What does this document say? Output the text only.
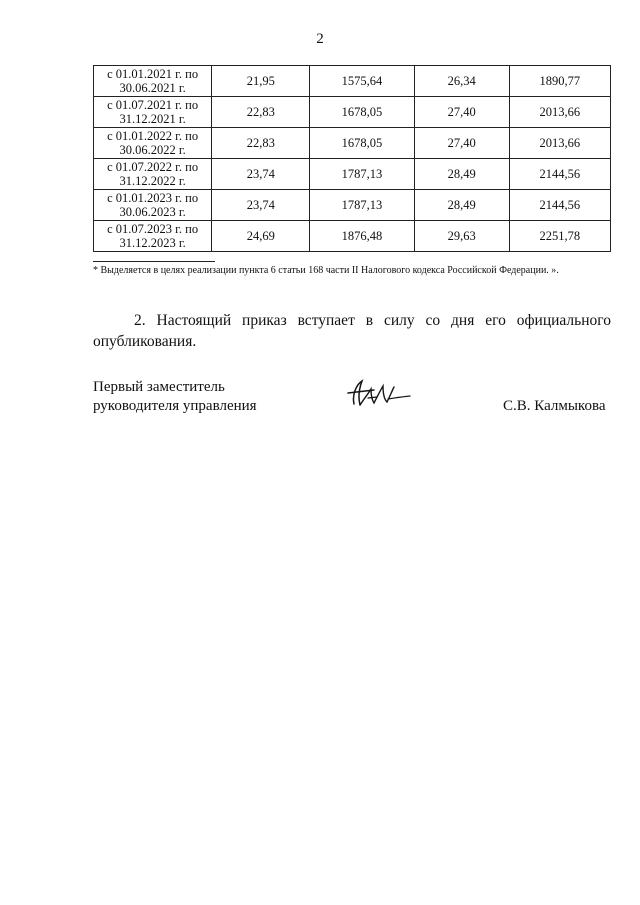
2
с 01.01.2021 г. по
30.06.2021 г.	21,95	1575,64	26,34	1890,77
с 01.07.2021 г. по
31.12.2021 г.	22,83	1678,05	27,40	2013,66
с 01.01.2022 г. по
30.06.2022 г.	22,83	1678,05	27,40	2013,66
с 01.07.2022 г. по
31.12.2022 г.	23,74	1787,13	28,49	2144,56
с 01.01.2023 г. по
30.06.2023 г.	23,74	1787,13	28,49	2144,56
с 01.07.2023 г. по
31.12.2023 г.	24,69	1876,48	29,63	2251,78
* Выделяется в целях реализации пункта 6 статьи 168 части II Налогового кодекса Российской Федерации. ».
2. Настоящий приказ вступает в силу со дня его официального
опубликования.
Первый заместитель
руководителя управления	С.В. Калмыкова
